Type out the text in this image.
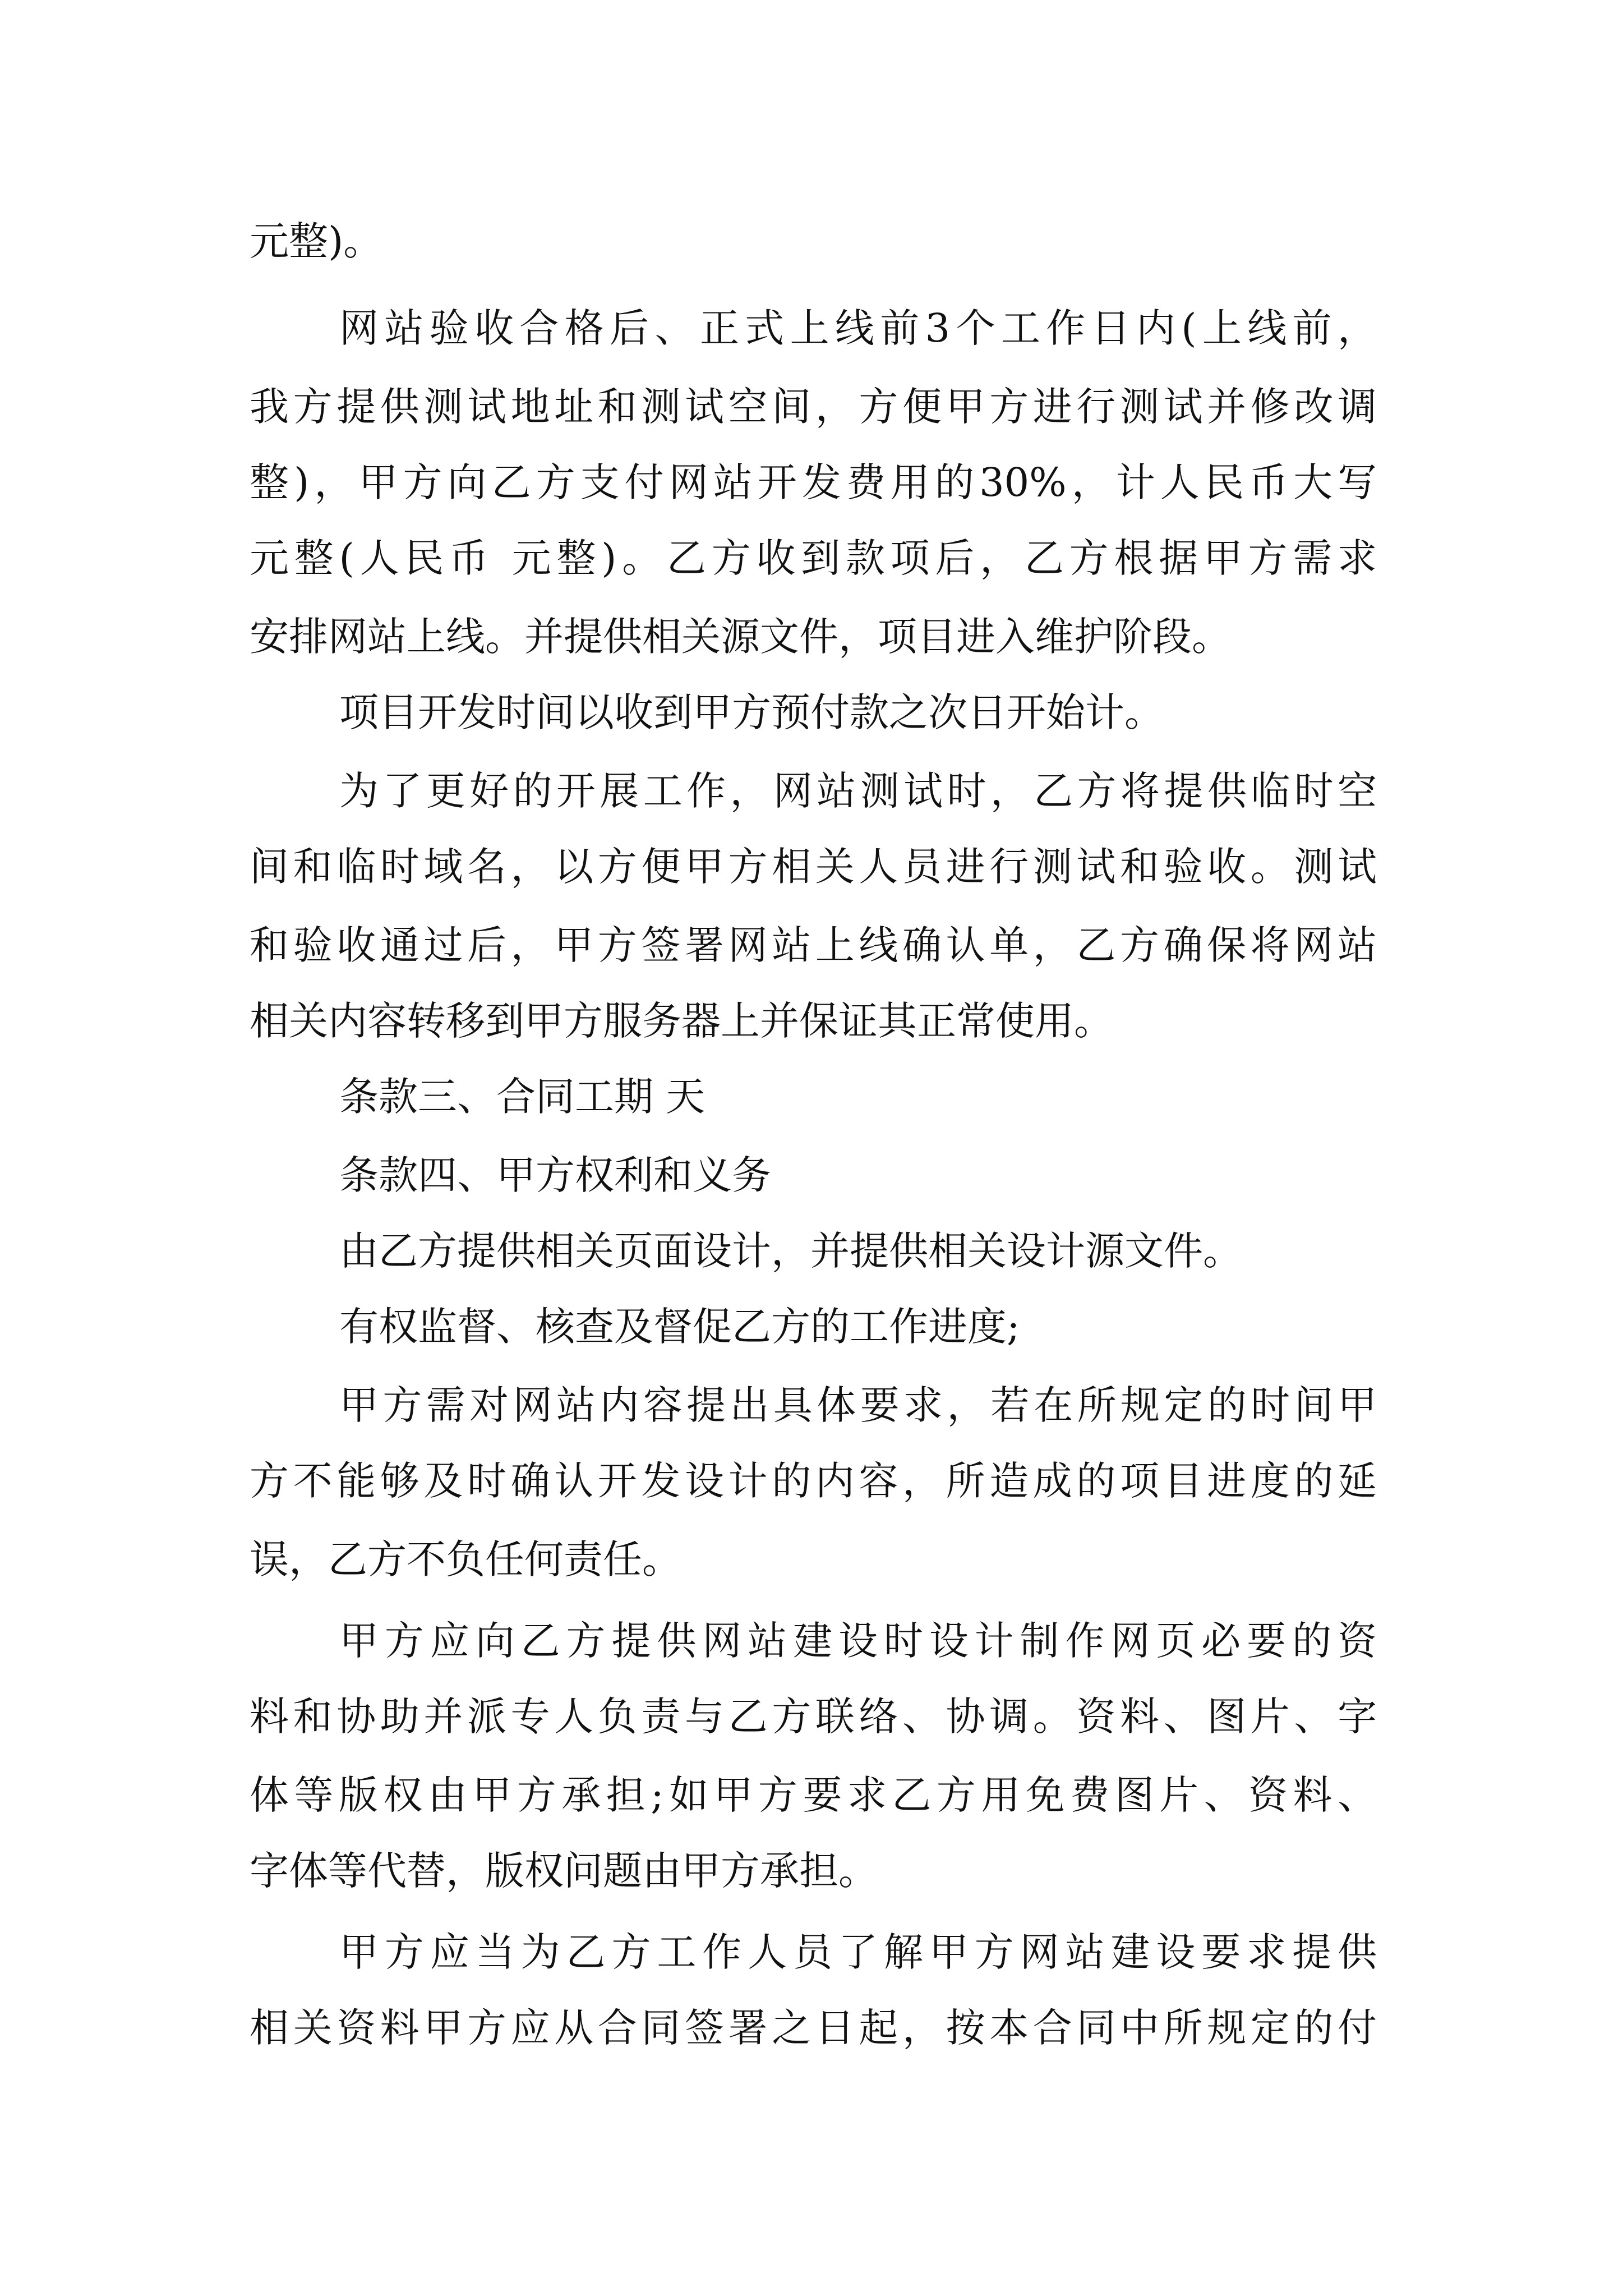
元整)。
网站验收合格后、正式上线前3个工作日内(上线前，
我方提供测试地址和测试空间，方便甲方进行测试并修改调
整)，甲方向乙方支付网站开发费用的30%，计人民币大写
元整(人民币 元整)。乙方收到款项后，乙方根据甲方需求
安排网站上线。并提供相关源文件，项目进入维护阶段。
项目开发时间以收到甲方预付款之次日开始计。
为了更好的开展工作，网站测试时，乙方将提供临时空
间和临时域名，以方便甲方相关人员进行测试和验收。测试
和验收通过后，甲方签署网站上线确认单，乙方确保将网站
相关内容转移到甲方服务器上并保证其正常使用。
条款三、合同工期 天
条款四、甲方权利和义务
由乙方提供相关页面设计，并提供相关设计源文件。
有权监督、核查及督促乙方的工作进度;
甲方需对网站内容提出具体要求，若在所规定的时间甲
方不能够及时确认开发设计的内容，所造成的项目进度的延
误，乙方不负任何责任。
甲方应向乙方提供网站建设时设计制作网页必要的资
料和协助并派专人负责与乙方联络、协调。资料、图片、字
体等版权由甲方承担;如甲方要求乙方用免费图片、资料、
字体等代替，版权问题由甲方承担。
甲方应当为乙方工作人员了解甲方网站建设要求提供
相关资料甲方应从合同签署之日起，按本合同中所规定的付
